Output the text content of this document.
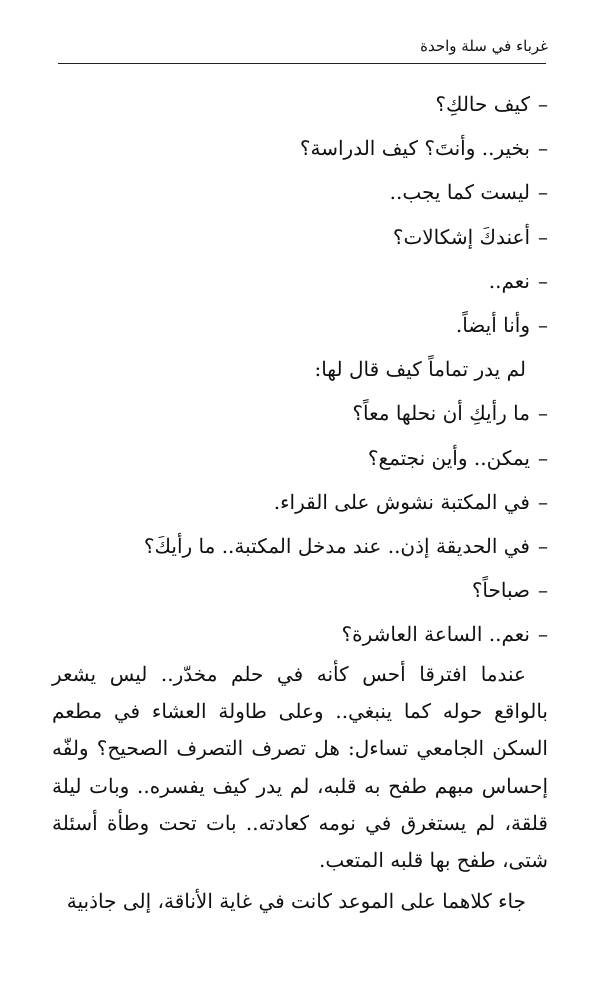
غرباء في سلة واحدة
–كيف حالكِ؟
–بخير.. وأنتَ؟ كيف الدراسة؟
–ليست كما يجب..
–أعندكَ إشكالات؟
–نعم..
–وأنا أيضاً.
لم يدر تماماً كيف قال لها:
–ما رأيكِ أن نحلها معاً؟
–يمكن.. وأين نجتمع؟
–في المكتبة نشوش على القراء.
–في الحديقة إذن.. عند مدخل المكتبة.. ما رأيكَ؟
–صباحاً؟
–نعم.. الساعة العاشرة؟

عندما افترقا أحس كأنه في حلم مخدّر.. ليس يشعر بالواقع حوله كما ينبغي.. وعلى طاولة العشاء في مطعم السكن الجامعي تساءل: هل تصرف التصرف الصحيح؟ ولفّه إحساس مبهم طفح به قلبه، لم يدر كيف يفسره.. وبات ليلة قلقة، لم يستغرق في نومه كعادته.. بات تحت وطأة أسئلة شتى، طفح بها قلبه المتعب.

جاء كلاهما على الموعد كانت في غاية الأناقة، إلى جاذبية
